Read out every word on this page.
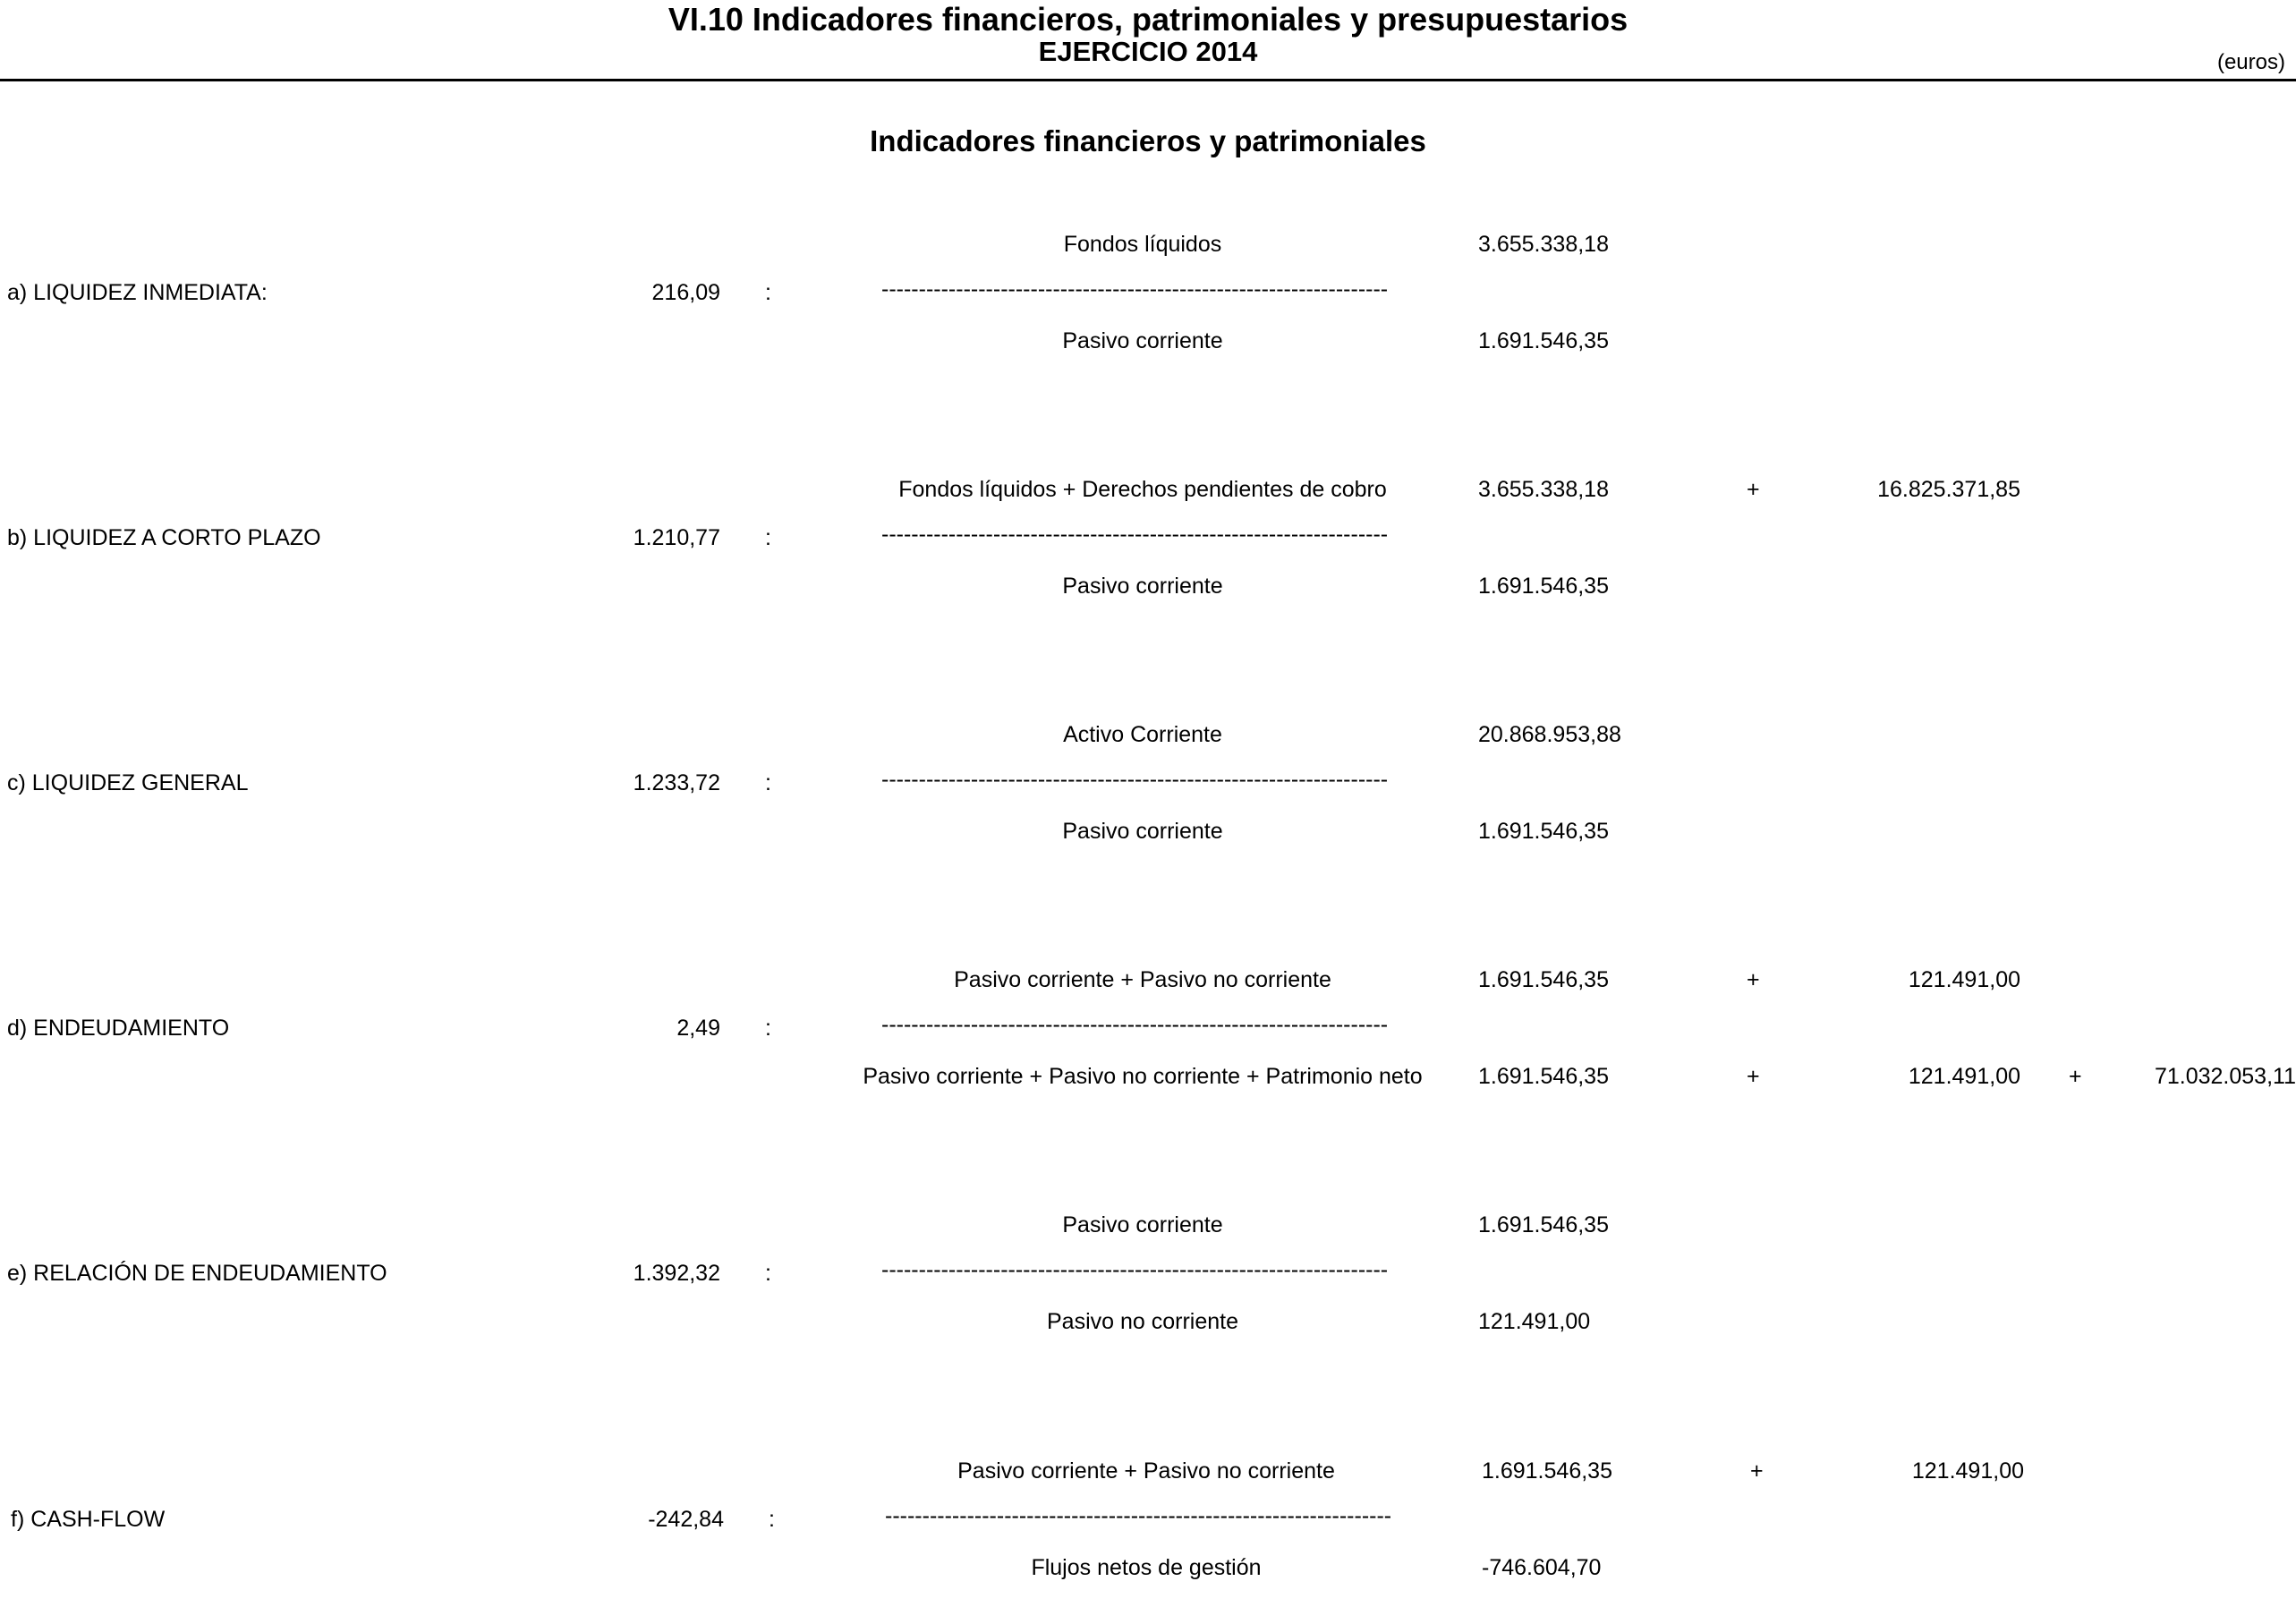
VI.10 Indicadores financieros, patrimoniales y presupuestarios
EJERCICIO 2014	(euros)
Indicadores financieros y patrimoniales
a) LIQUIDEZ INMEDIATA:	216,09 :	--------------------------------------------------------------------
Fondos líquidos	3.655.338,18
Pasivo corriente	1.691.546,35
b) LIQUIDEZ A CORTO PLAZO	1.210,77 :	--------------------------------------------------------------------
Fondos líquidos + Derechos pendientes de cobro	3.655.338,18	+	16.825.371,85
Pasivo corriente	1.691.546,35
c) LIQUIDEZ GENERAL	1.233,72 :	--------------------------------------------------------------------
Activo Corriente	20.868.953,88
Pasivo corriente	1.691.546,35
d) ENDEUDAMIENTO	2,49 :	--------------------------------------------------------------------
Pasivo corriente + Pasivo no corriente	1.691.546,35	+	121.491,00
Pasivo corriente + Pasivo no corriente + Patrimonio neto	1.691.546,35	+	121.491,00 +	71.032.053,11
e) RELACIÓN DE ENDEUDAMIENTO	1.392,32 :	--------------------------------------------------------------------
Pasivo corriente	1.691.546,35
Pasivo no corriente	121.491,00
f) CASH-FLOW	-242,84 :	--------------------------------------------------------------------
Pasivo corriente + Pasivo no corriente	1.691.546,35	+	121.491,00
Flujos netos de gestión	-746.604,70
